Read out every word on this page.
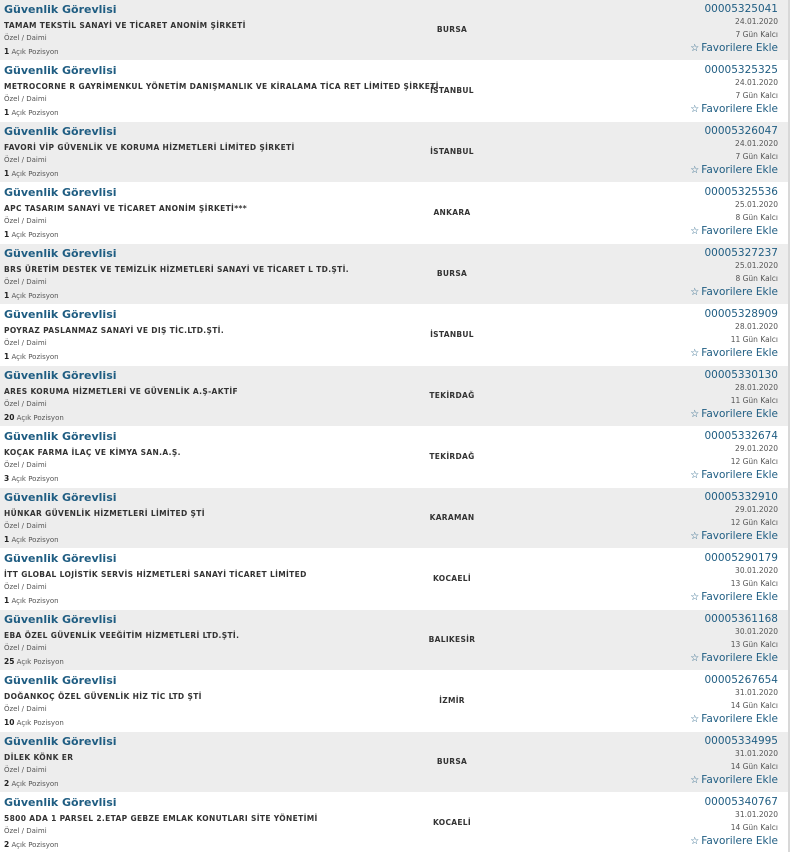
Güvenlik Görevlisi
TAMAM TEKSTİL SANAYİ VE TİCARET ANONİM ŞİRKETİ
Özel / Daimi
1 Açık Pozisyon
BURSA
00005325041
24.01.2020
7 Gün Kalcı
☆ Favorilere Ekle
Güvenlik Görevlisi
METROCORNE R GAYRİMENKUL YÖNETİM DANIŞMANLIK VE KİRALAMA TİCA RET LİMİTED ŞİRKETİ
Özel / Daimi
1 Açık Pozisyon
İSTANBUL
00005325325
24.01.2020
7 Gün Kalcı
☆ Favorilere Ekle
Güvenlik Görevlisi
FAVORİ VİP GÜVENLİK VE KORUMA HİZMETLERİ LİMİTED ŞİRKETİ
Özel / Daimi
1 Açık Pozisyon
İSTANBUL
00005326047
24.01.2020
7 Gün Kalcı
☆ Favorilere Ekle
Güvenlik Görevlisi
APC TASARIM SANAYİ VE TİCARET ANONİM ŞİRKETİ***
Özel / Daimi
1 Açık Pozisyon
ANKARA
00005325536
25.01.2020
8 Gün Kalcı
☆ Favorilere Ekle
Güvenlik Görevlisi
BRS ÜRETİM DESTEK VE TEMİZLİK HİZMETLERİ SANAYİ VE TİCARET L TD.ŞTİ.
Özel / Daimi
1 Açık Pozisyon
BURSA
00005327237
25.01.2020
8 Gün Kalcı
☆ Favorilere Ekle
Güvenlik Görevlisi
POYRAZ PASLANMAZ SANAYİ VE DIŞ TİC.LTD.ŞTİ.
Özel / Daimi
1 Açık Pozisyon
İSTANBUL
00005328909
28.01.2020
11 Gün Kalcı
☆ Favorilere Ekle
Güvenlik Görevlisi
ARES KORUMA HİZMETLERİ VE GÜVENLİK A.Ş-AKTİF
Özel / Daimi
20 Açık Pozisyon
TEKİRDAĞ
00005330130
28.01.2020
11 Gün Kalcı
☆ Favorilere Ekle
Güvenlik Görevlisi
KOÇAK FARMA İLAÇ VE KİMYA SAN.A.Ş.
Özel / Daimi
3 Açık Pozisyon
TEKİRDAĞ
00005332674
29.01.2020
12 Gün Kalcı
☆ Favorilere Ekle
Güvenlik Görevlisi
HÜNKAR GÜVENLİK HİZMETLERİ LİMİTED ŞTİ
Özel / Daimi
1 Açık Pozisyon
KARAMAN
00005332910
29.01.2020
12 Gün Kalcı
☆ Favorilere Ekle
Güvenlik Görevlisi
İTT GLOBAL LOJİSTİK SERVİS HİZMETLERİ SANAYİ TİCARET LİMİTED
Özel / Daimi
1 Açık Pozisyon
KOCAELİ
00005290179
30.01.2020
13 Gün Kalcı
☆ Favorilere Ekle
Güvenlik Görevlisi
EBA ÖZEL GÜVENLİK VEEĞİTİM HİZMETLERİ LTD.ŞTİ.
Özel / Daimi
25 Açık Pozisyon
BALIKESİR
00005361168
30.01.2020
13 Gün Kalcı
☆ Favorilere Ekle
Güvenlik Görevlisi
DOĞANKOÇ ÖZEL GÜVENLİK HİZ TİC LTD ŞTİ
Özel / Daimi
10 Açık Pozisyon
İZMİR
00005267654
31.01.2020
14 Gün Kalcı
☆ Favorilere Ekle
Güvenlik Görevlisi
DİLEK KÖNK ER
Özel / Daimi
2 Açık Pozisyon
BURSA
00005334995
31.01.2020
14 Gün Kalcı
☆ Favorilere Ekle
Güvenlik Görevlisi
5800 ADA 1 PARSEL 2.ETAP GEBZE EMLAK KONUTLARI SİTE YÖNETİMİ
Özel / Daimi
2 Açık Pozisyon
KOCAELİ
00005340767
31.01.2020
14 Gün Kalcı
☆ Favorilere Ekle
